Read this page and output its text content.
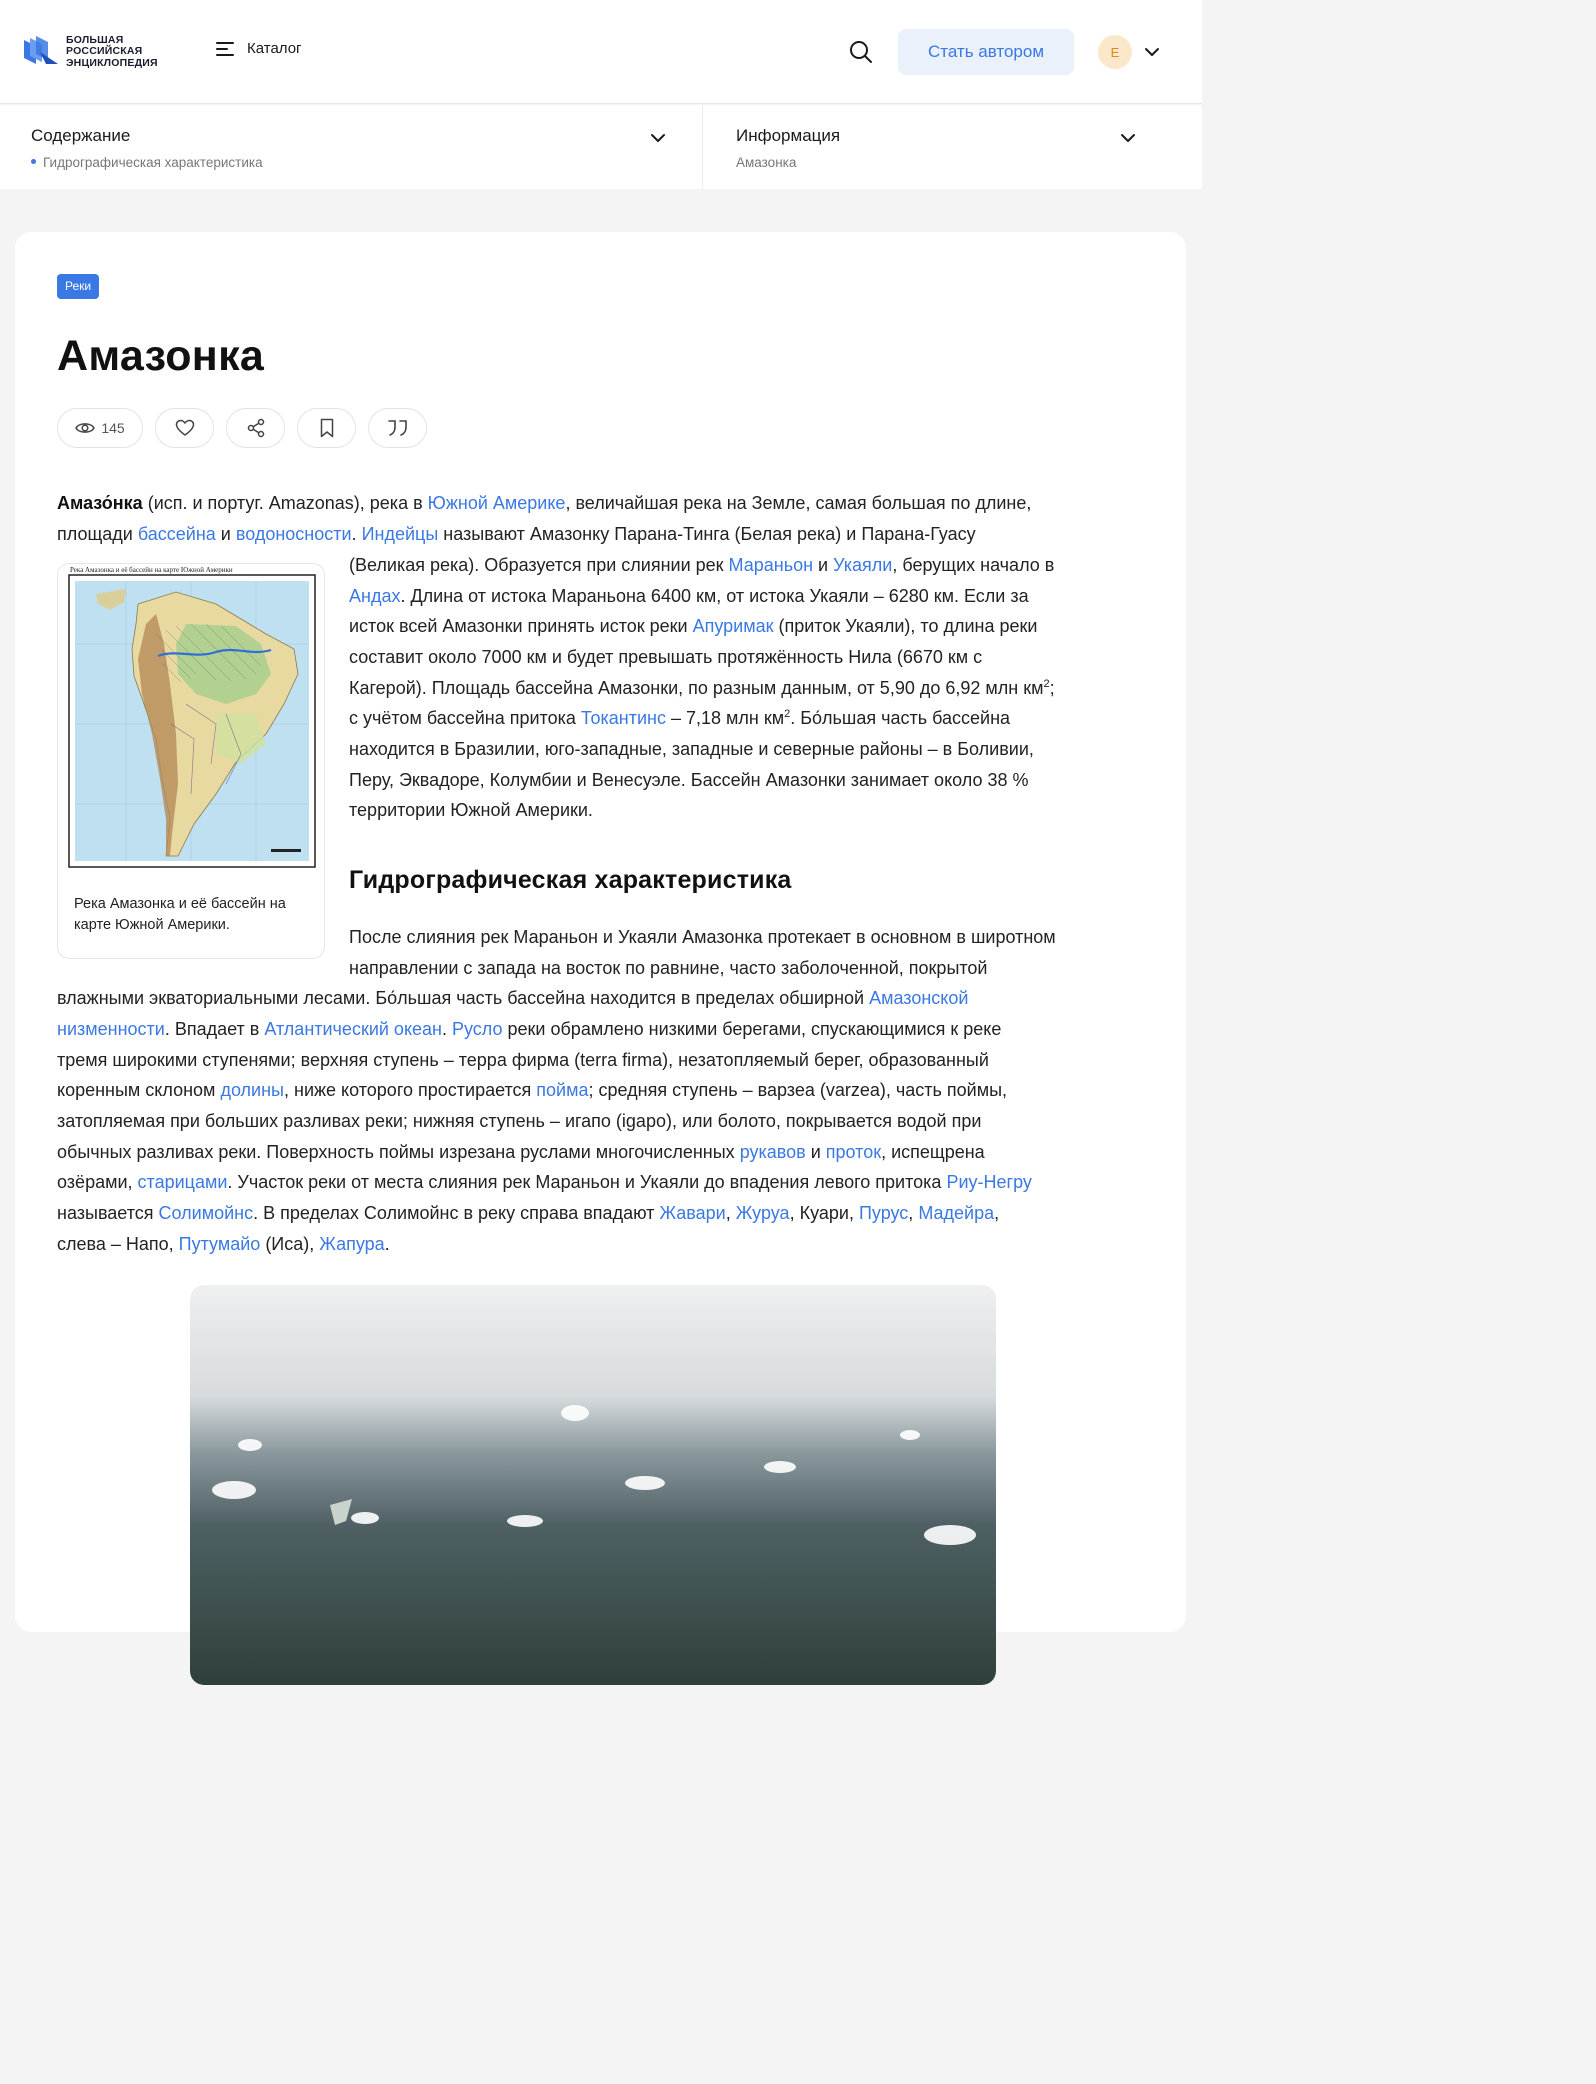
БОЛЬШАЯ
РОССИЙСКАЯ
ЭНЦИКЛОПЕДИЯ
Каталог	Стать автором	Е
Содержание
Гидрографическая характеристика
Информация
Амазонка
Реки
Амазонка
145
Амазо́нка (исп. и португ. Amazonas), река в Южной Америке, величайшая река на Земле, самая большая по длине,
площади бассейна и водоносности. Индейцы называют Амазонку Парана-Тинга (Белая река) и Парана-Гуасу
Река Амазонка и её бассейн на карте Южной Америки
Река Амазонка и её бассейн на карте Южной Америки.
(Великая река). Образуется при слиянии рек Мараньон и Укаяли, берущих начало в
Андах. Длина от истока Мараньона 6400 км, от истока Укаяли – 6280 км. Если за
исток всей Амазонки принять исток реки Апуримак (приток Укаяли), то длина реки
составит около 7000 км и будет превышать протяжённость Нила (6670 км с
Кагерой). Площадь бассейна Амазонки, по разным данным, от 5,90 до 6,92 млн $км^2$;
с учётом бассейна притока Токантинс – 7,18 млн $км^2$. Бо́льшая часть бассейна
находится в Бразилии, юго-западные, западные и северные районы – в Боливии,
Перу, Эквадоре, Колумбии и Венесуэле. Бассейн Амазонки занимает около 38 %
территории Южной Америки.
Гидрографическая характеристика
После слияния рек Мараньон и Укаяли Амазонка протекает в основном в широтном
направлении с запада на восток по равнине, часто заболоченной, покрытой
влажными экваториальными лесами. Бо́льшая часть бассейна находится в пределах обширной Амазонской
низменности. Впадает в Атлантический океан. Русло реки обрамлено низкими берегами, спускающимися к реке
тремя широкими ступенями; верхняя ступень – терра фирма (terra firma), незатопляемый берег, образованный
коренным склоном долины, ниже которого простирается пойма; средняя ступень – варзеа (varzea), часть поймы,
затопляемая при больших разливах реки; нижняя ступень – игапо (igapo), или болото, покрывается водой при
обычных разливах реки. Поверхность поймы изрезана руслами многочисленных рукавов и проток, испещрена
озёрами, старицами. Участок реки от места слияния рек Мараньон и Укаяли до впадения левого притока Риу-Негру
называется Солимойнс. В пределах Солимойнс в реку справа впадают Жавари, Журуа, Куари, Пурус, Мадейра,
слева – Напо, Путумайо (Иса), Жапура.
